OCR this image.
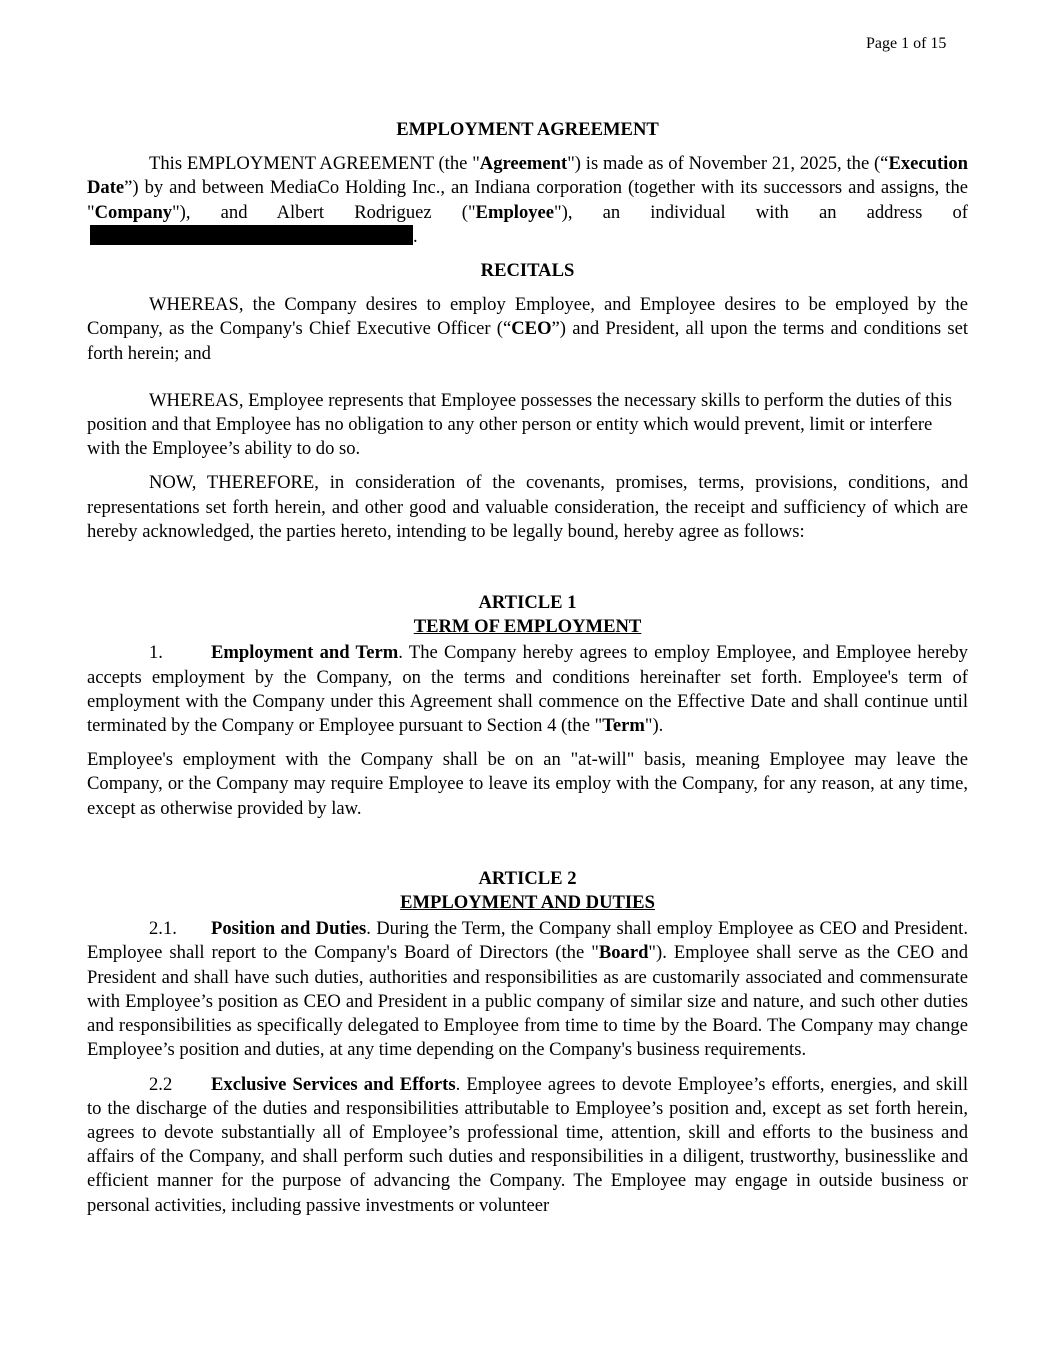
Page 1 of 15
EMPLOYMENT AGREEMENT

This EMPLOYMENT AGREEMENT (the "Agreement") is made as of November 21, 2025, the (“Execution Date”) by and between MediaCo Holding Inc., an Indiana corporation (together with its successors and assigns, the "Company"), and Albert Rodriguez ("Employee"), an individual with an address of.

RECITALS

WHEREAS, the Company desires to employ Employee, and Employee desires to be employed by the Company, as the Company's Chief Executive Officer (“CEO”) and President, all upon the terms and conditions set forth herein; and

WHEREAS, Employee represents that Employee possesses the necessary skills to perform the duties of this position and that Employee has no obligation to any other person or entity which would prevent, limit or interfere with the Employee’s ability to do so.

NOW, THEREFORE, in consideration of the covenants, promises, terms, provisions, conditions, and representations set forth herein, and other good and valuable consideration, the receipt and sufficiency of which are hereby acknowledged, the parties hereto, intending to be legally bound, hereby agree as follows:

ARTICLE 1
TERM OF EMPLOYMENT

1.	Employment and Term. The Company hereby agrees to employ Employee, and Employee hereby accepts employment by the Company, on the terms and conditions hereinafter set forth. Employee's term of employment with the Company under this Agreement shall commence on the Effective Date and shall continue until terminated by the Company or Employee pursuant to Section 4 (the "Term").

Employee's employment with the Company shall be on an "at-will" basis, meaning Employee may leave the Company, or the Company may require Employee to leave its employ with the Company, for any reason, at any time, except as otherwise provided by law.

ARTICLE 2
EMPLOYMENT AND DUTIES

2.1. Position and Duties. During the Term, the Company shall employ Employee as CEO and President. Employee shall report to the Company's Board of Directors (the "Board"). Employee shall serve as the CEO and President and shall have such duties, authorities and responsibilities as are customarily associated and commensurate with Employee’s position as CEO and President in a public company of similar size and nature, and such other duties and responsibilities as specifically delegated to Employee from time to time by the Board. The Company may change Employee’s position and duties, at any time depending on the Company's business requirements.

2.2 Exclusive Services and Efforts. Employee agrees to devote Employee’s efforts, energies, and skill to the discharge of the duties and responsibilities attributable to Employee’s position and, except as set forth herein, agrees to devote substantially all of Employee’s professional time, attention, skill and efforts to the business and affairs of the Company, and shall perform such duties and responsibilities in a diligent, trustworthy, businesslike and efficient manner for the purpose of advancing the Company. The Employee may engage in outside business or personal activities, including passive investments or volunteer
